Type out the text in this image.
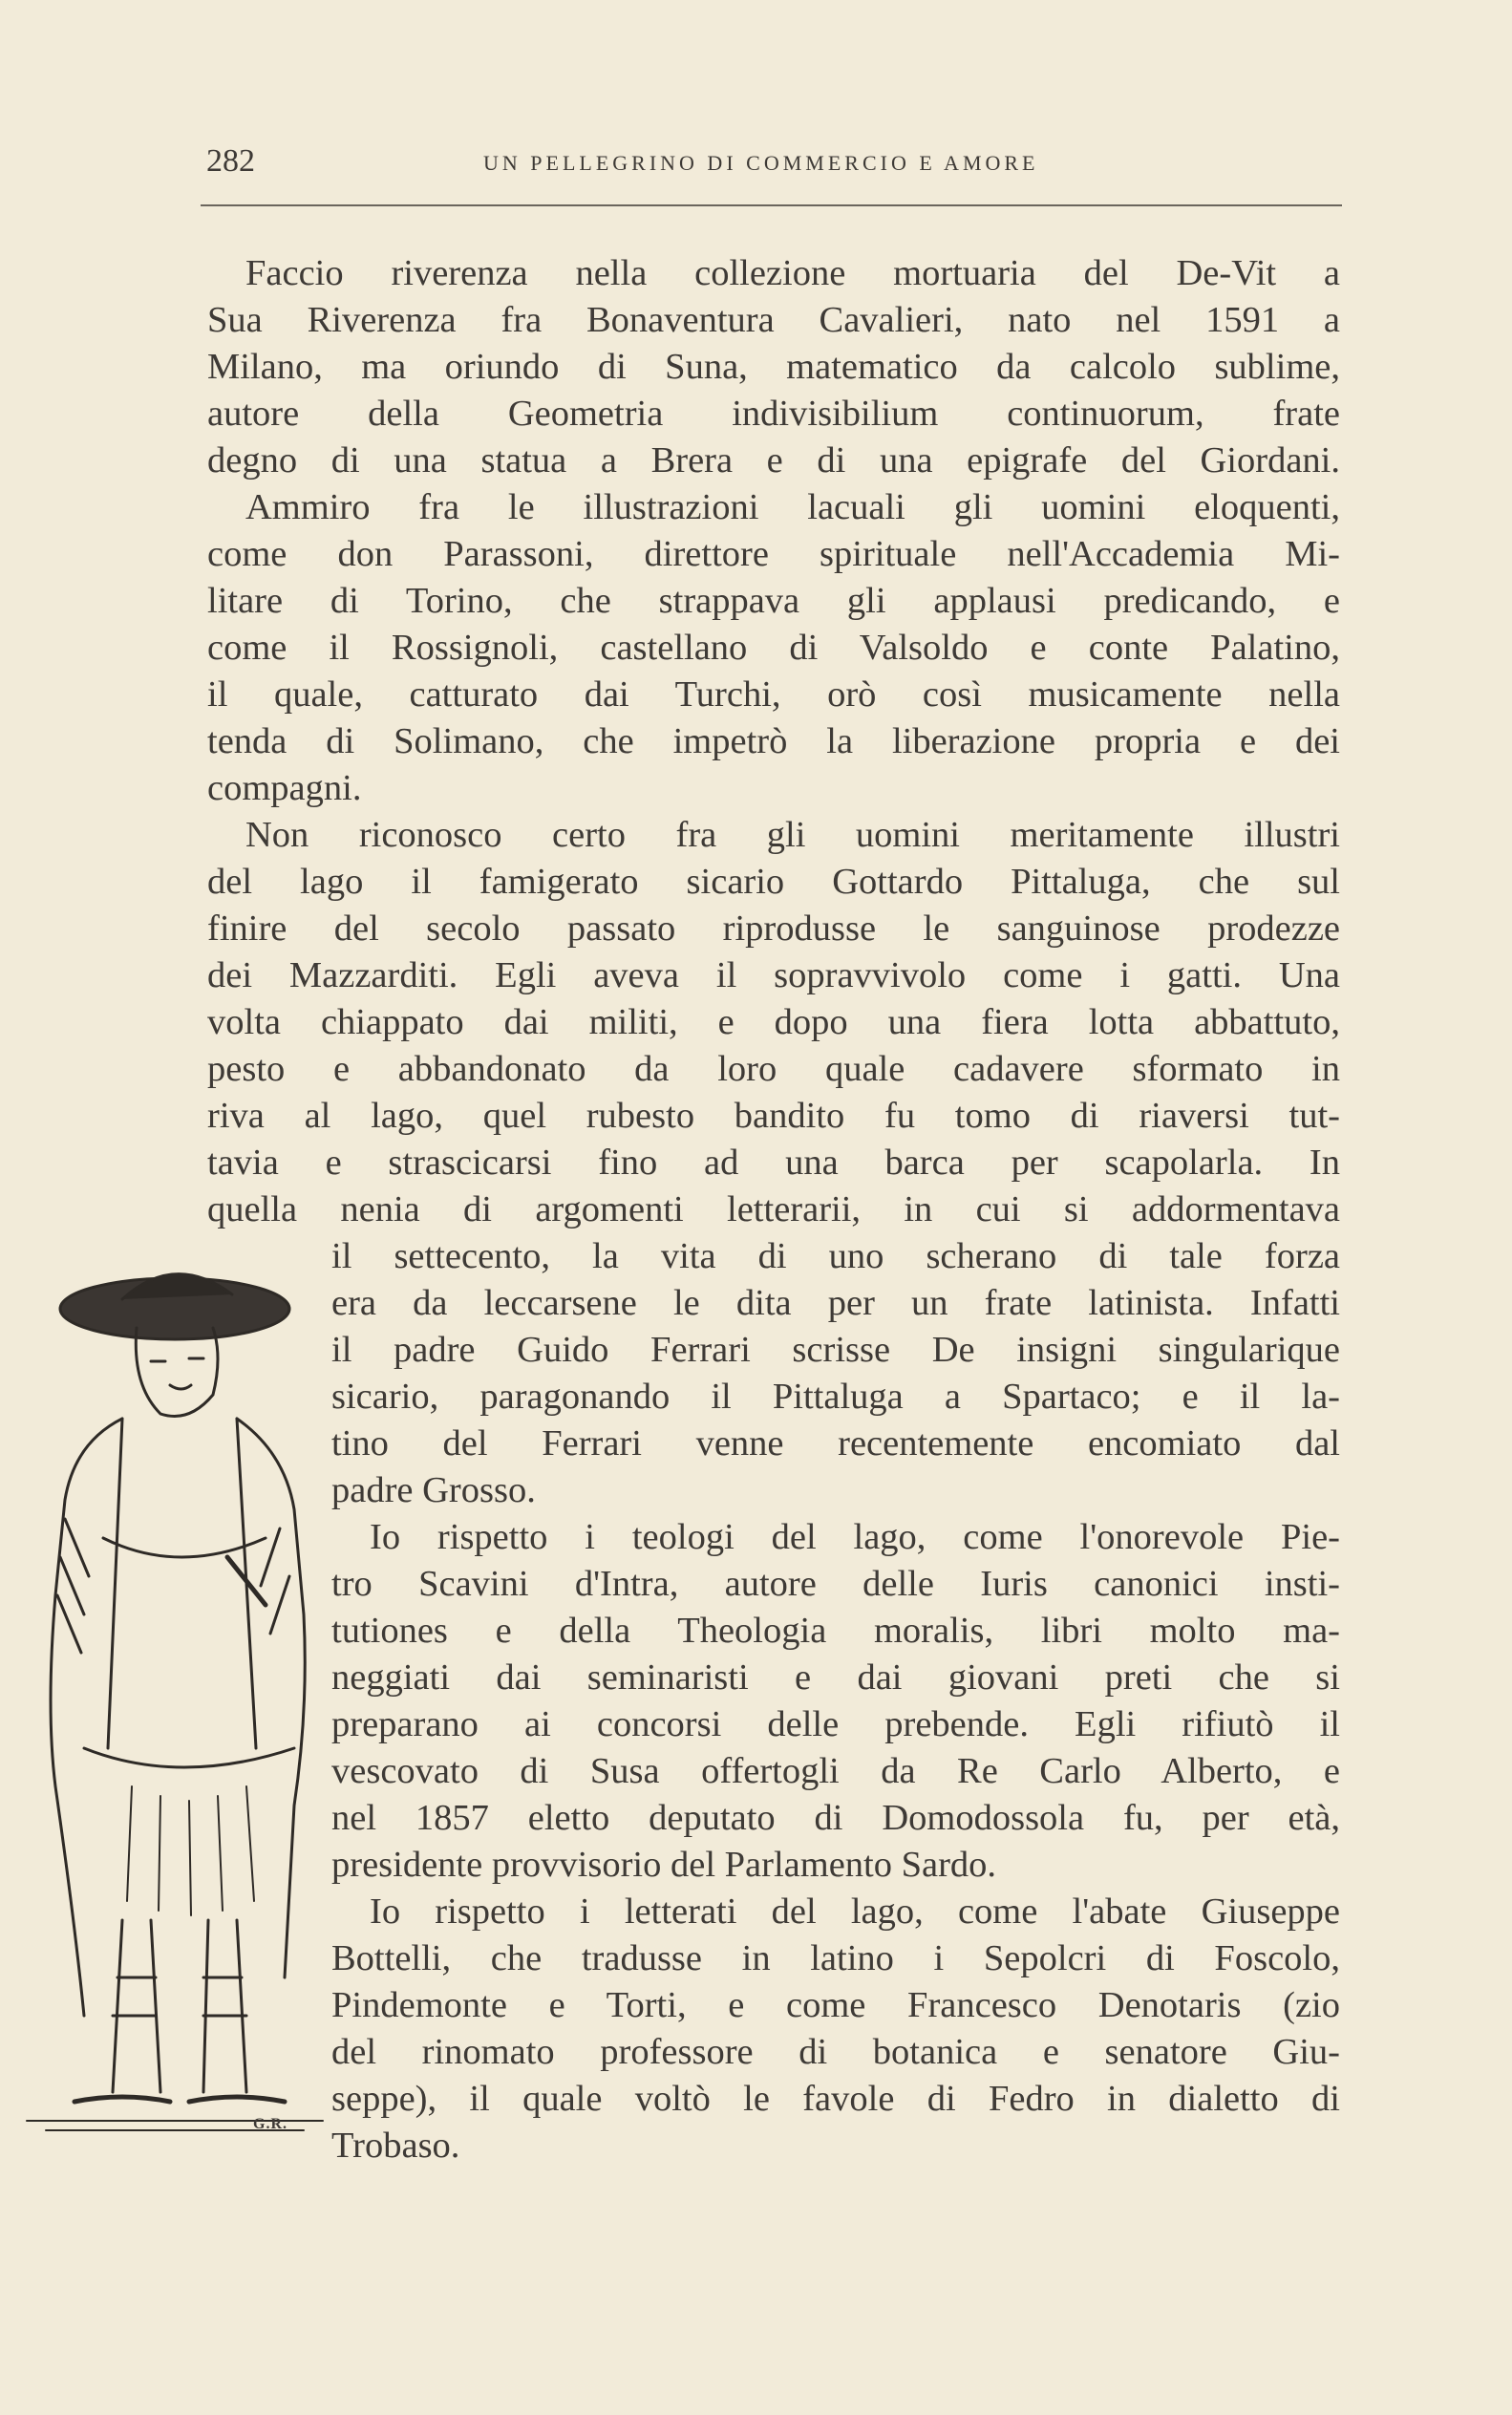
282	UN PELLEGRINO DI COMMERCIO E AMORE
Faccio riverenza nella collezione mortuaria del De-Vit a
Sua Riverenza fra Bonaventura Cavalieri, nato nel 1591 a
Milano, ma oriundo di Suna, matematico da calcolo sublime,
autore della Geometria indivisibilium continuorum, frate
degno di una statua a Brera e di una epigrafe del Giordani.
Ammiro fra le illustrazioni lacuali gli uomini eloquenti,
come don Parassoni, direttore spirituale nell'Accademia Mi-
litare di Torino, che strappava gli applausi predicando, e
come il Rossignoli, castellano di Valsoldo e conte Palatino,
il quale, catturato dai Turchi, orò così musicamente nella
tenda di Solimano, che impetrò la liberazione propria e dei
compagni.
Non riconosco certo fra gli uomini meritamente illustri
del lago il famigerato sicario Gottardo Pittaluga, che sul
finire del secolo passato riprodusse le sanguinose prodezze
dei Mazzarditi. Egli aveva il sopravvivolo come i gatti. Una
volta chiappato dai militi, e dopo una fiera lotta abbattuto,
pesto e abbandonato da loro quale cadavere sformato in
riva al lago, quel rubesto bandito fu tomo di riaversi tut-
tavia e strascicarsi fino ad una barca per scapolarla. In
quella nenia di argomenti letterarii, in cui si addormentava
il settecento, la vita di uno scherano di tale forza
era da leccarsene le dita per un frate latinista. Infatti
il padre Guido Ferrari scrisse De insigni singularique
sicario, paragonando il Pittaluga a Spartaco; e il la-
tino del Ferrari venne recentemente encomiato dal
padre Grosso.
Io rispetto i teologi del lago, come l'onorevole Pie-
tro Scavini d'Intra, autore delle Iuris canonici insti-
tutiones e della Theologia moralis, libri molto ma-
neggiati dai seminaristi e dai giovani preti che si
preparano ai concorsi delle prebende. Egli rifiutò il
vescovato di Susa offertogli da Re Carlo Alberto, e
nel 1857 eletto deputato di Domodossola fu, per età,
presidente provvisorio del Parlamento Sardo.
Io rispetto i letterati del lago, come l'abate Giuseppe
Bottelli, che tradusse in latino i Sepolcri di Foscolo,
Pindemonte e Torti, e come Francesco Denotaris (zio
del rinomato professore di botanica e senatore Giu-
seppe), il quale voltò le favole di Fedro in dialetto di
Trobaso.
G.R.
